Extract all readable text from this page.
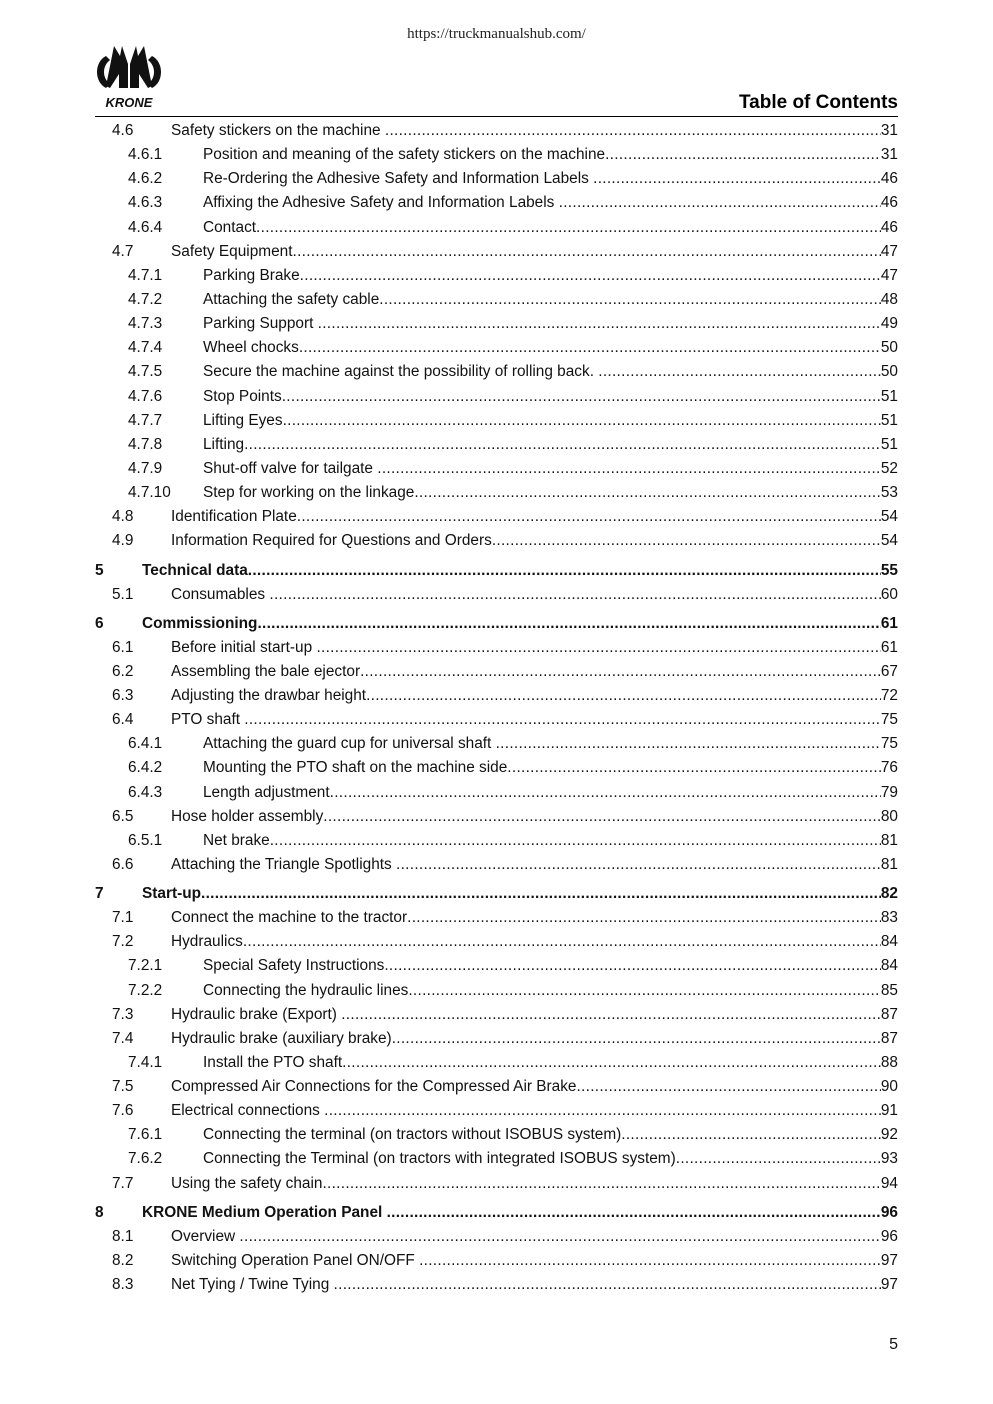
https://truckmanualshub.com/
KRONE	Table of Contents
4.6 Safety stickers on the machine .....	31
4.6.1	Position and meaning of the safety stickers on the machine .....	31
4.6.2	Re-Ordering the Adhesive Safety and Information Labels .....	46
4.6.3	Affixing the Adhesive Safety and Information Labels .....	46
4.6.4	Contact .....	46
4.7 Safety Equipment .....	47
4.7.1	Parking Brake .....	47
4.7.2	Attaching the safety cable .....	48
4.7.3	Parking Support .....	49
4.7.4	Wheel chocks .....	50
4.7.5	Secure the machine against the possibility of rolling back. .....	50
4.7.6	Stop Points .....	51
4.7.7	Lifting Eyes .....	51
4.7.8	Lifting .....	51
4.7.9	Shut-off valve for tailgate .....	52
4.7.10 Step for working on the linkage .....	53
4.8 Identification Plate .....	54
4.9 Information Required for Questions and Orders .....	54
5 Technical data .....	55
5.1 Consumables .....	60
6 Commissioning .....	61
6.1 Before initial start-up .....	61
6.2 Assembling the bale ejector .....	67
6.3 Adjusting the drawbar height .....	72
6.4 PTO shaft .....	75
6.4.1	Attaching the guard cup for universal shaft .....	75
6.4.2	Mounting the PTO shaft on the machine side .....	76
6.4.3	Length adjustment .....	79
6.5 Hose holder assembly .....	80
6.5.1	Net brake .....	81
6.6 Attaching the Triangle Spotlights .....	81
7 Start-up .....	82
7.1 Connect the machine to the tractor .....	83
7.2 Hydraulics .....	84
7.2.1	Special Safety Instructions .....	84
7.2.2	Connecting the hydraulic lines .....	85
7.3 Hydraulic brake (Export) .....	87
7.4 Hydraulic brake (auxiliary brake) .....	87
7.4.1	Install the PTO shaft .....	88
7.5 Compressed Air Connections for the Compressed Air Brake .....	90
7.6 Electrical connections .....	91
7.6.1	Connecting the terminal (on tractors without ISOBUS system) .....	92
7.6.2	Connecting the Terminal (on tractors with integrated ISOBUS system) .....	93
7.7 Using the safety chain .....	94
8 KRONE Medium Operation Panel .....	96
8.1 Overview .....	96
8.2 Switching Operation Panel ON/OFF .....	97
8.3 Net Tying / Twine Tying .....	97
5
